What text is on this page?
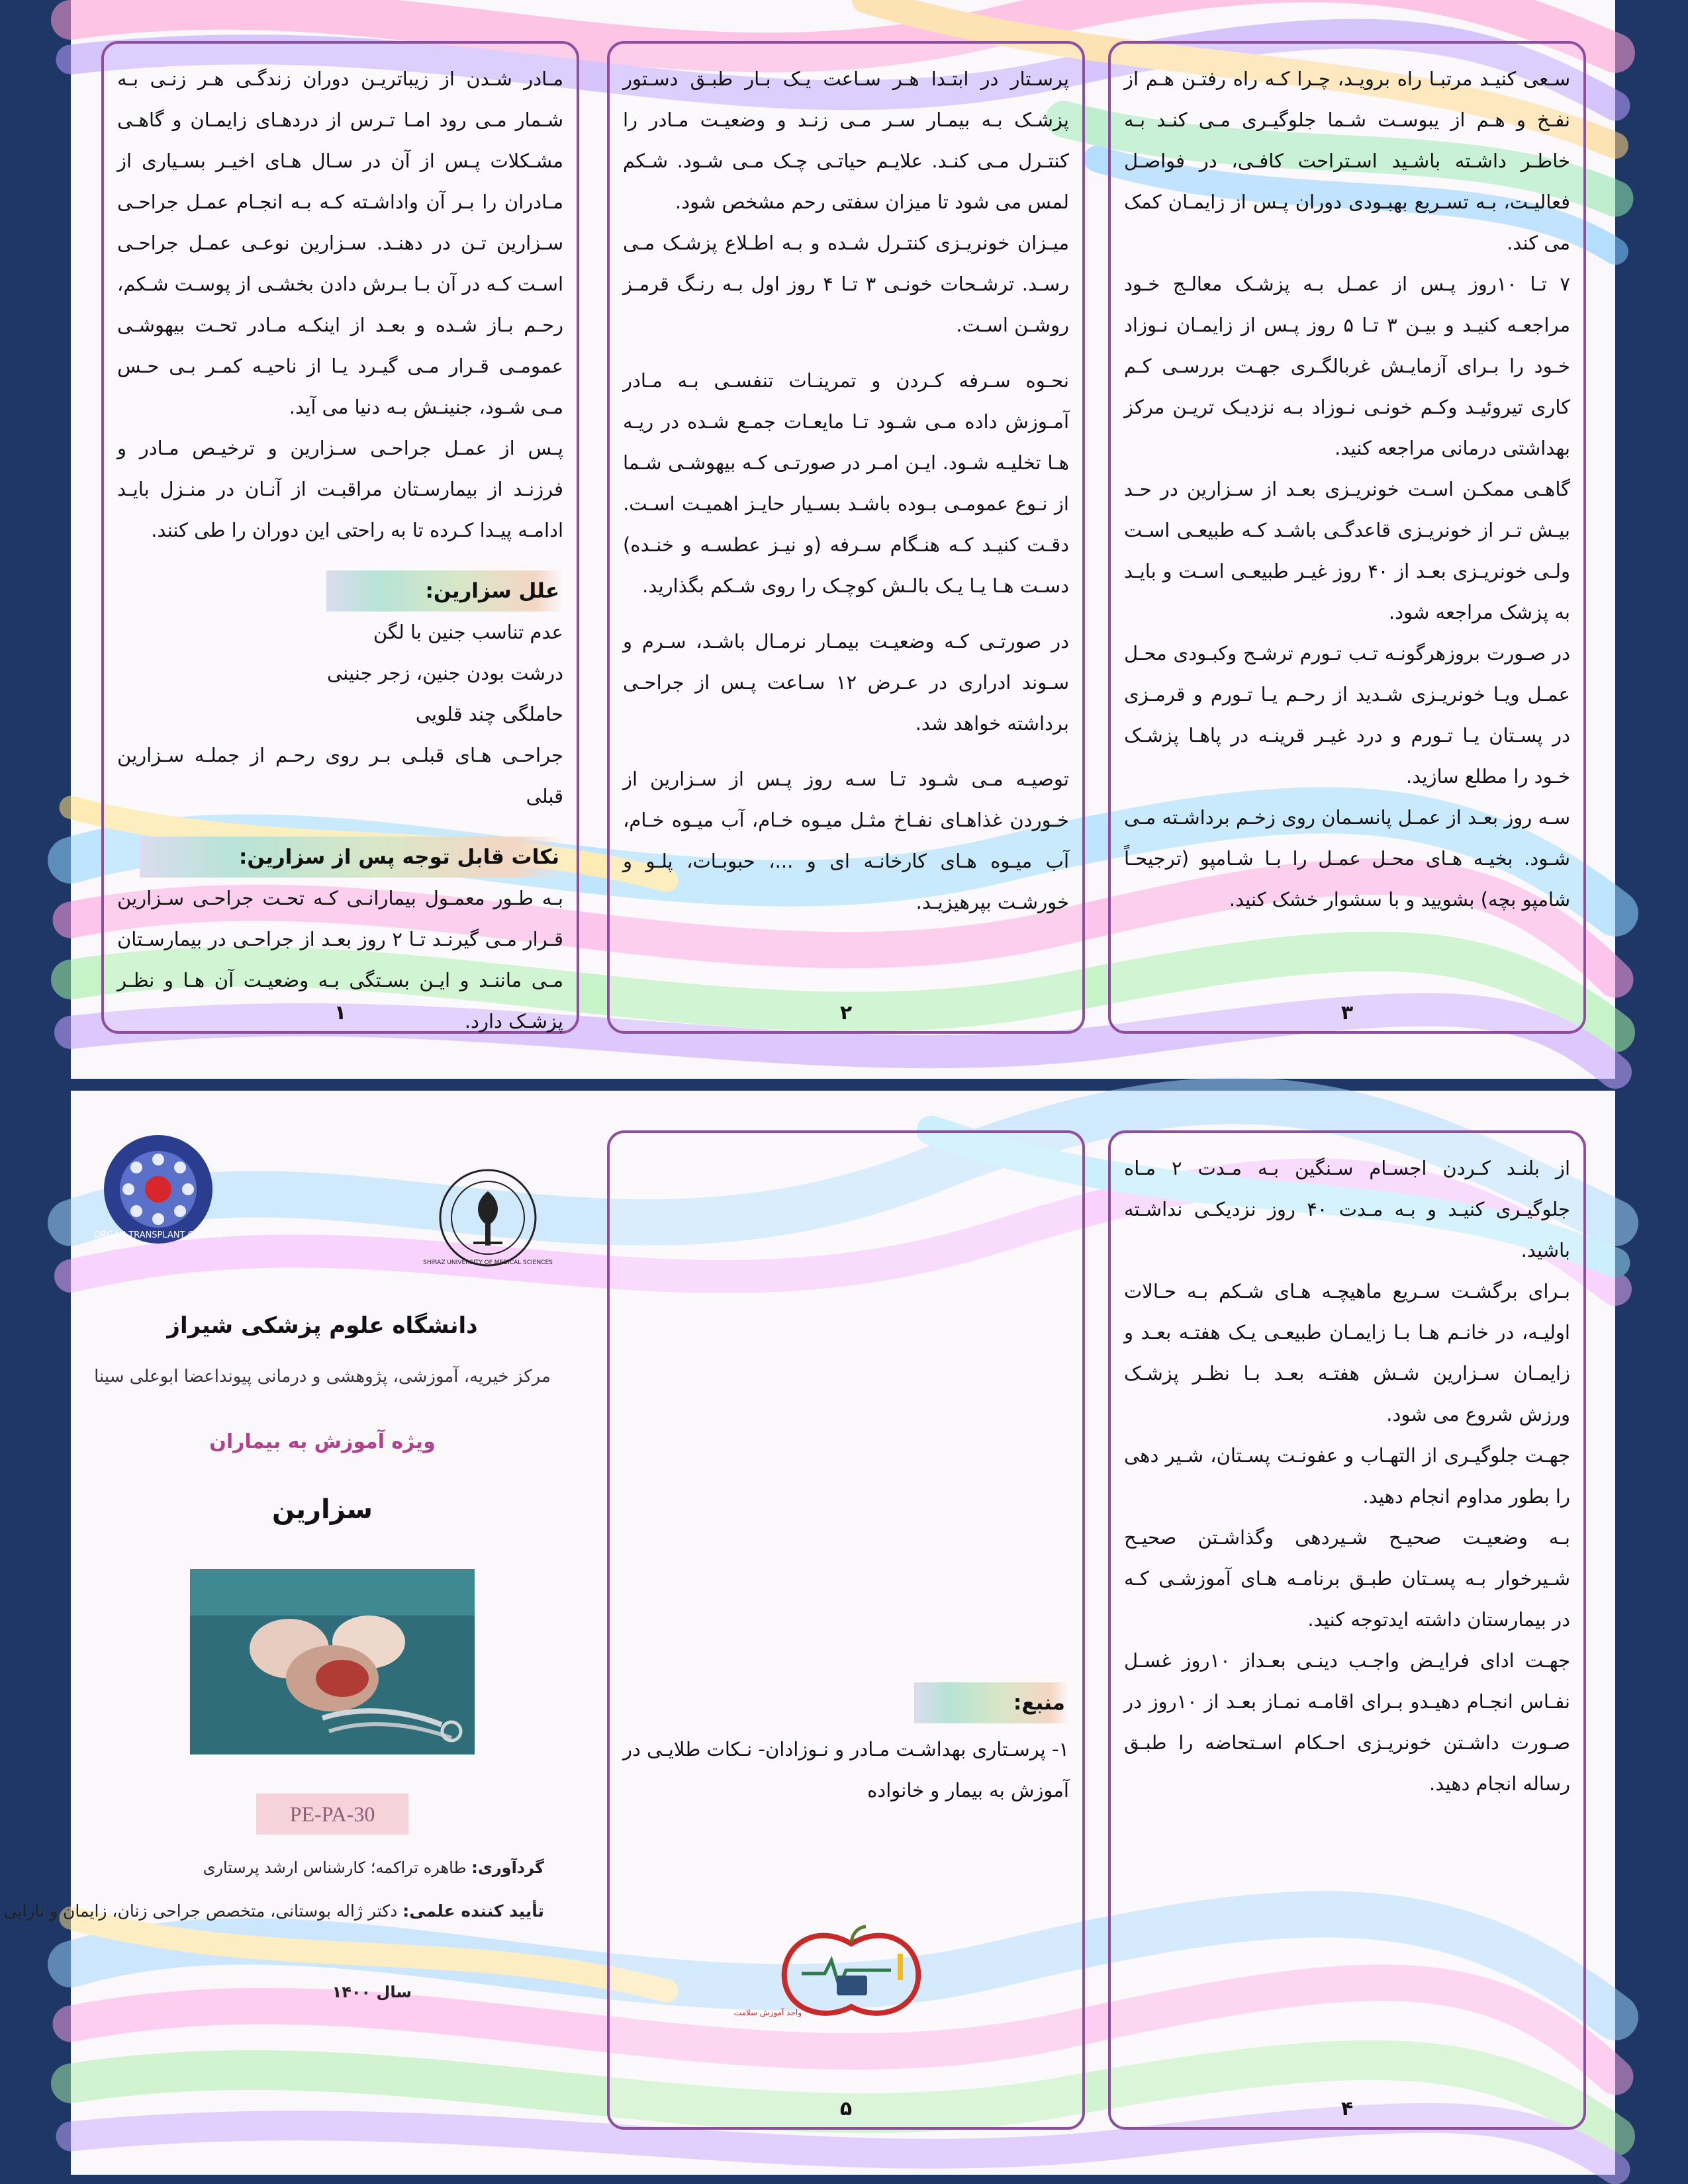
مـادر شـدن از زیباتریـن دوران زندگـی هـر زنـی بـه شـمار مـی رود امـا تـرس از دردهـای زایمـان و گاهـی مشـکلات پـس از آن در سـال هـای اخیـر بسـیاری از مـادران را بـر آن واداشـته کـه بـه انجـام عمـل جراحـی سـزارین تـن در دهنـد. سـزارین نوعـی عمـل جراحـی اسـت کـه در آن بـا بـرش دادن بخشـی از پوسـت شـکم، رحـم بـاز شـده و بعـد از اینکـه مـادر تحـت بیهوشـی عمومـی قـرار مـی گیـرد یـا از ناحیـه کمـر بـی حـس مـی شـود، جنینـش بـه دنیا می آید.

پـس از عمـل جراحـی سـزارین و ترخیـص مـادر و فرزنـد از بیمارسـتان مراقبـت از آنـان در منـزل بایـد ادامـه پیـدا کـرده تا به راحتی این دوران را طی کنند.

علل سزارین:

عدم تناسب جنین با لگن

درشت بودن جنین، زجر جنینی

حاملگی چند قلویی

جراحـی هـای قبلـی بـر روی رحـم از جملـه سـزارین قبلی

نکات قابل توجه پس از سزارین:

بـه طـور معمـول بیمارانـی کـه تحـت جراحـی سـزارین قـرار مـی گیرنـد تـا ۲ روز بعـد از جراحـی در بیمارسـتان مـی ماننـد و ایـن بسـتگی بـه وضعیـت آن هـا و نظـر پزشـک دارد.

۱

پرسـتار در ابتـدا هـر سـاعت یـک بـار طبـق دسـتور پزشـک بـه بیمـار سـر مـی زنـد و وضعیـت مـادر را کنتـرل مـی کنـد. علایـم حیاتـی چـک مـی شـود. شـکم لمس می شود تا میزان سفتی رحم مشخص شود.

میـزان خونریـزی کنتـرل شـده و بـه اطـلاع پزشـک مـی رسـد. ترشـحات خونـی ۳ تـا ۴ روز اول بـه رنـگ قرمـز روشـن اسـت.

نحـوه سـرفه کـردن و تمرینـات تنفسـی بـه مـادر آمـوزش داده مـی شـود تـا مایعـات جمـع شـده در ریـه هـا تخلیـه شـود. ایـن امـر در صورتـی کـه بیهوشـی شـما از نـوع عمومـی بـوده باشـد بسـیار حایـز اهمیـت اسـت. دقـت کنیـد کـه هنـگام سـرفه (و نیـز عطسـه و خنـده) دسـت هـا یـا یـک بالـش کوچـک را روی شـکم بگذارید.

در صورتـی کـه وضعیـت بیمـار نرمـال باشـد، سـرم و سـوند ادراری در عـرض ۱۲ سـاعت پـس از جراحـی برداشته خواهد شد.

توصیـه مـی شـود تـا سـه روز پـس از سـزارین از خـوردن غذاهـای نفـاخ مثـل میـوه خـام، آب میـوه خـام، آب میـوه هـای کارخانـه ای و ...، حبوبـات، پلـو و خورشـت بپرهیزیـد.

۲

سـعی کنیـد مرتبـا راه برویـد، چـرا کـه راه رفتـن هـم از نفـخ و هـم از یبوسـت شـما جلوگیـری مـی کنـد بـه خاطـر داشـته باشـید اسـتراحت کافـی، در فواصـل فعالیـت، بـه تسـریع بهبـودی دوران پـس از زایمـان کمک می کند.

۷ تـا ۱۰روز پـس از عمـل بـه پزشـک معالـج خـود مراجعـه کنیـد و بیـن ۳ تـا ۵ روز پـس از زایمـان نـوزاد خـود را بـرای آزمایـش غربالگـری جهـت بررسـی کـم کاری تیروئیـد وکـم خونـی نـوزاد بـه نزدیـک تریـن مرکز بهداشتی درمانی مراجعه کنید.

گاهـی ممکـن اسـت خونریـزی بعـد از سـزارین در حـد بیـش تـر از خونریـزی قاعدگـی باشـد کـه طبیعـی اسـت ولـی خونریـزی بعـد از ۴۰ روز غیـر طبیعـی اسـت و بایـد به پزشک مراجعه شود.

در صـورت بروزهرگونـه تـب تـورم ترشـح وکبـودی محـل عمـل ویـا خونریـزی شـدید از رحـم یـا تـورم و قرمـزی در پسـتان یـا تـورم و درد غیـر قرینـه در پاهـا پزشـک خـود را مطلع سازید.

سـه روز بعـد از عمـل پانسـمان روی زخـم برداشـته مـی شـود. بخیـه هـای محـل عمـل را بـا شـامپو (ترجیحـاً شامپو بچه) بشویید و با سشوار خشک کنید.

۳
ORGAN TRANSPLANT CENTER
SHIRAZ UNIVERSITY OF MEDICAL SCIENCES
دانشگاه علوم پزشکی شیراز
مرکز خیریه، آموزشی، پژوهشی و درمانی پیونداعضا ابوعلی سینا
ویژه آموزش به بیماران
سزارین
PE-PA-30
گردآوری: طاهره تراکمه؛ کارشناس ارشد پرستاری
تأیید کننده علمی: دکتر ژاله بوستانی، متخصص جراحی زنان، زایمان و نازایی
سال ۱۴۰۰
منبع:

۱- پرسـتاری بهداشـت مـادر و نـوزادان- نـکات طلایـی در آموزش به بیمار و خانواده

واحد آموزش سلامت
۵

از بلنـد کـردن اجسـام سـنگین بـه مـدت ۲ مـاه جلوگیـری کنیـد و بـه مـدت ۴۰ روز نزدیکـی نداشـته باشید.

بـرای برگشـت سـریع ماهیچـه هـای شـکم بـه حـالات اولیـه، در خانـم هـا بـا زایمـان طبیعـی یـک هفتـه بعـد و زایمـان سـزارین شـش هفتـه بعـد بـا نظـر پزشـک ورزش شروع می شود.

جهـت جلوگیـری از التهـاب و عفونـت پسـتان، شـیر دهی را بطور مداوم انجام دهید.

بـه وضعیـت صحیـح شـیردهی وگذاشـتن صحیـح شـیرخوار بـه پسـتان طبـق برنامـه هـای آموزشـی کـه در بیمارستان داشته ایدتوجه کنید.

جهـت ادای فرایـض واجـب دینـی بعـداز ۱۰روز غسـل نفـاس انجـام دهیـدو بـرای اقامـه نمـاز بعـد از ۱۰روز در صـورت داشـتن خونریـزی احـکام اسـتحاضه را طبـق رساله انجام دهید.

۴
